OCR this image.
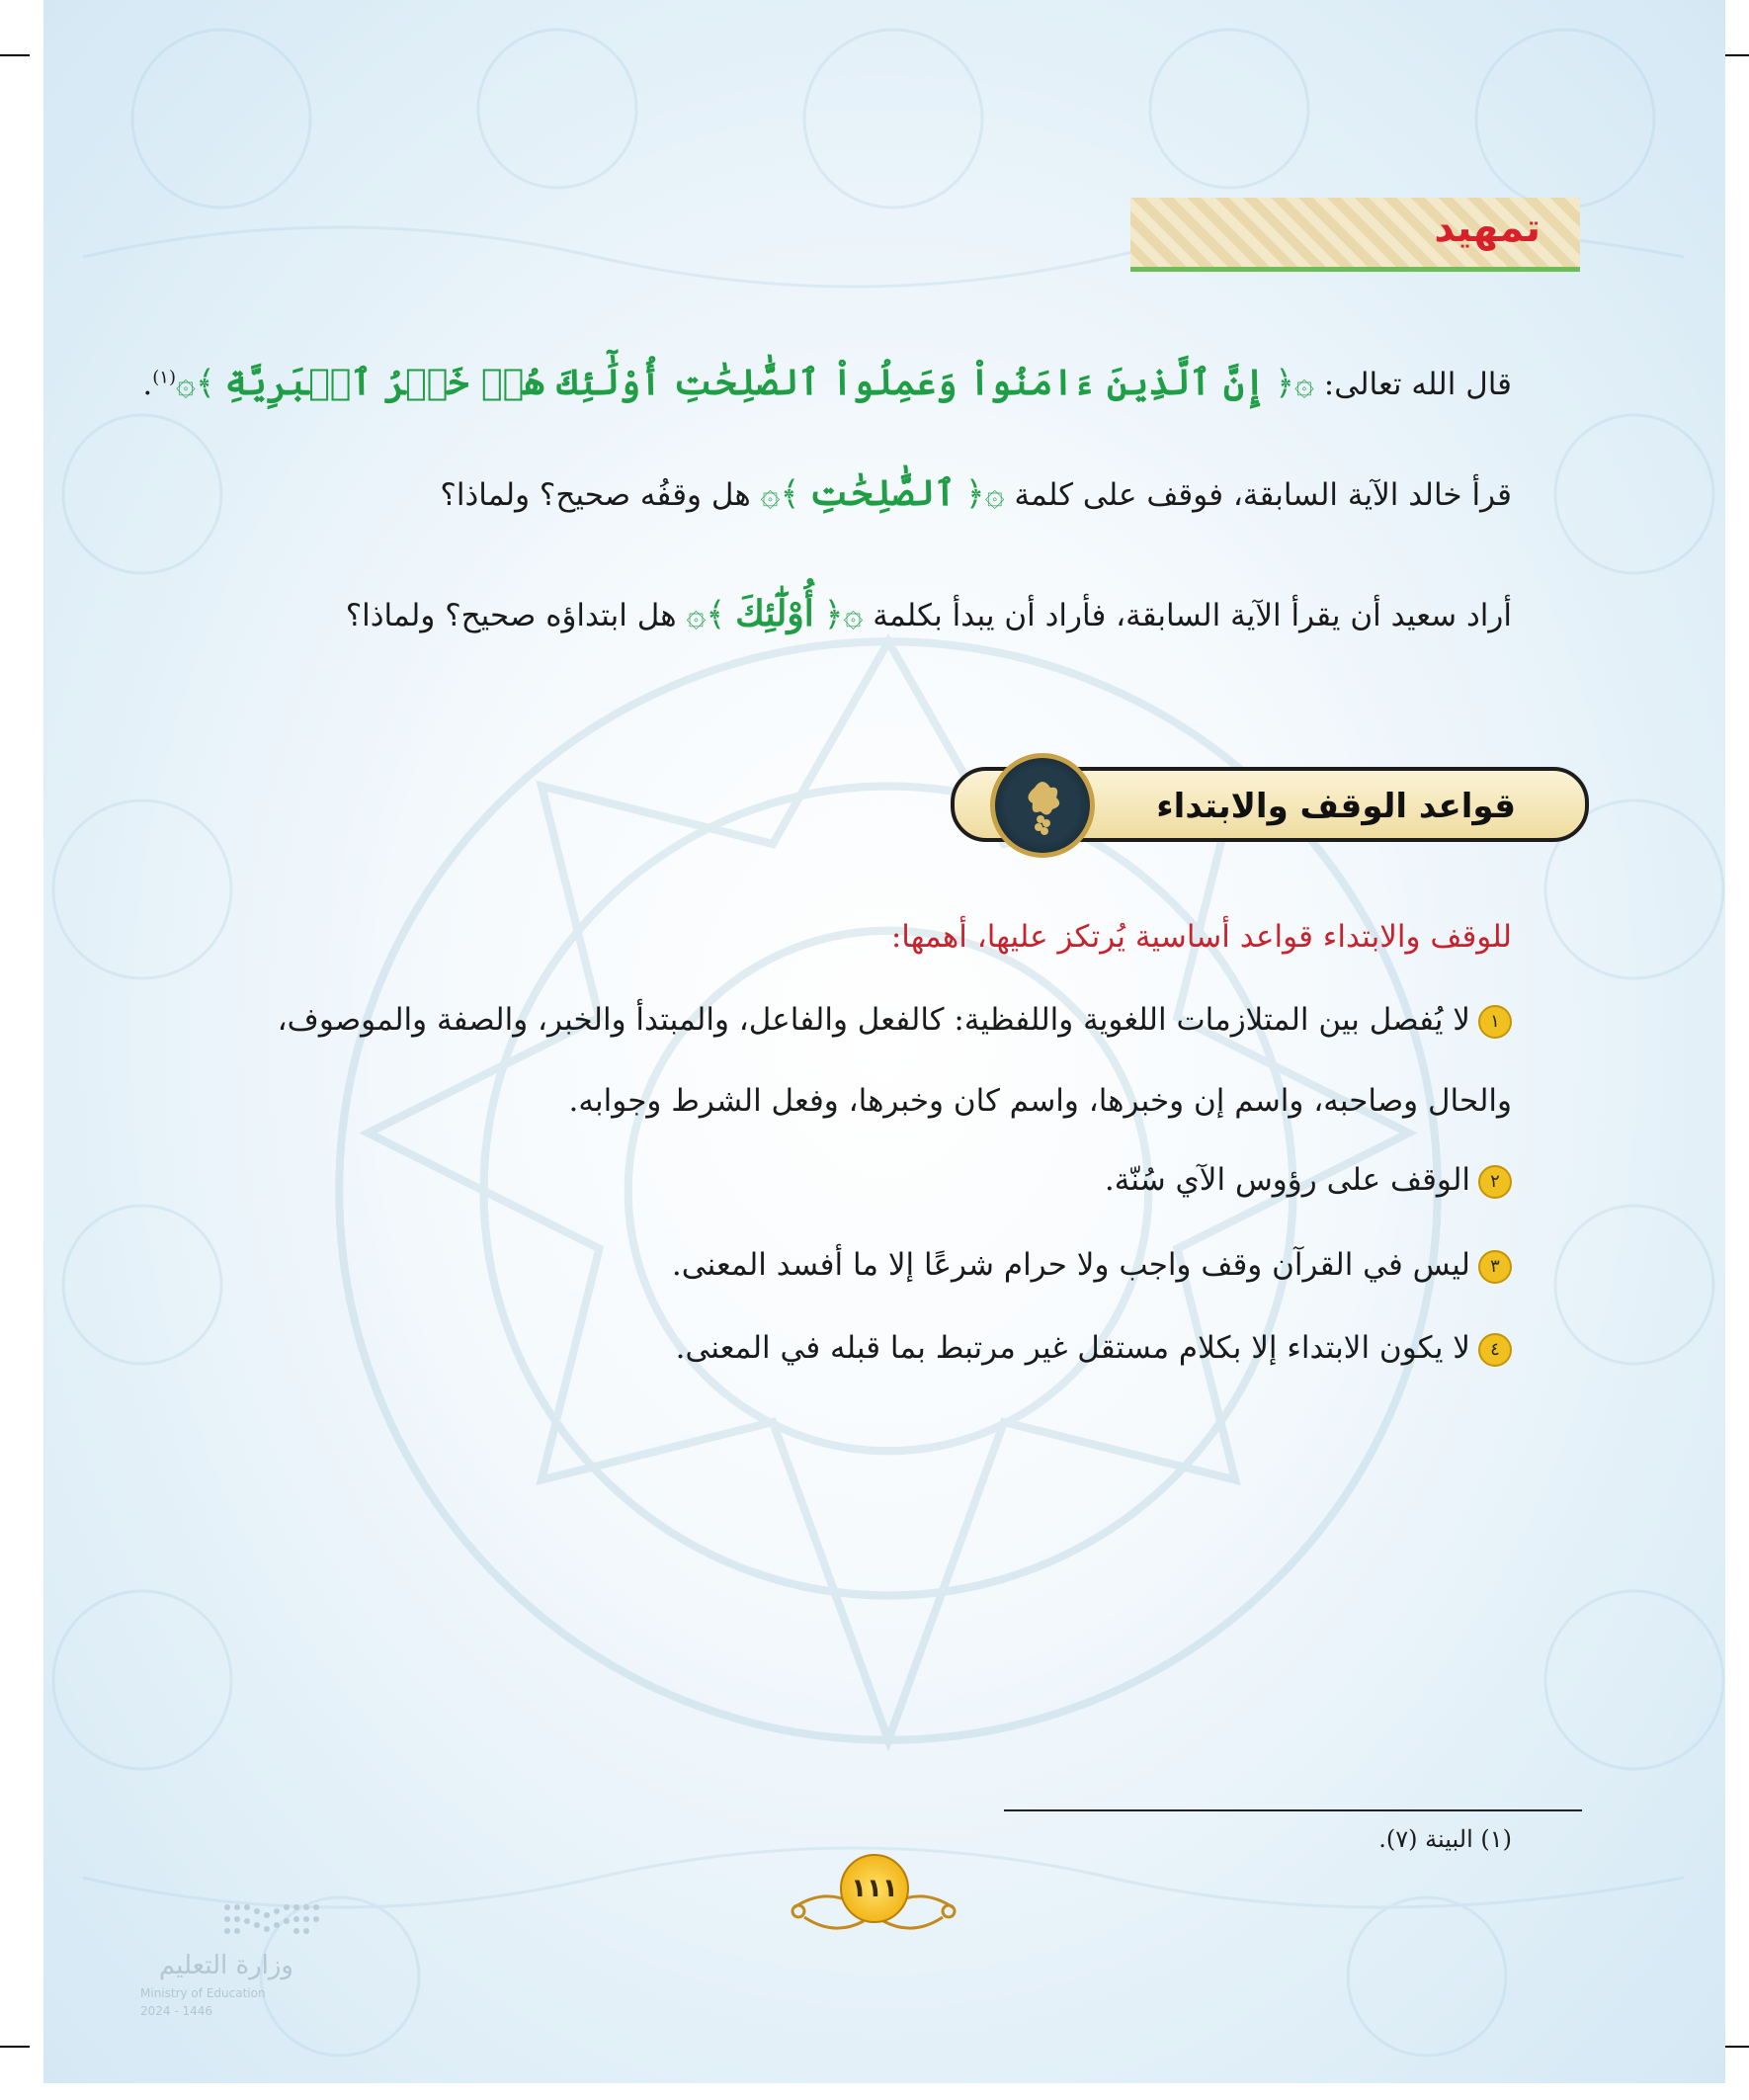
تمهيد

قال الله تعالى: ۞﴿ إِنَّ ٱلَّذِينَ ءَامَنُواْ وَعَمِلُواْ ٱلصَّٰلِحَٰتِ أُوْلَٰٓئِكَ هُمۡ خَيۡرُ ٱلۡبَرِيَّةِ ﴾۞$^{(١)}$.

قرأ خالد الآية السابقة، فوقف على كلمة ۞﴿ ٱلصَّٰلِحَٰتِ ﴾۞ هل وقفُه صحيح؟ ولماذا؟

أراد سعيد أن يقرأ الآية السابقة، فأراد أن يبدأ بكلمة ۞﴿ أُوْلَٰٓئِكَ ﴾۞ هل ابتداؤه صحيح؟ ولماذا؟

قواعد الوقف والابتداء

للوقف والابتداء قواعد أساسية يُرتكز عليها، أهمها:

١لا يُفصل بين المتلازمات اللغوية واللفظية: كالفعل والفاعل، والمبتدأ والخبر، والصفة والموصوف،

والحال وصاحبه، واسم إن وخبرها، واسم كان وخبرها، وفعل الشرط وجوابه.

٢الوقف على رؤوس الآي سُنّة.

٣ليس في القرآن وقف واجب ولا حرام شرعًا إلا ما أفسد المعنى.

٤لا يكون الابتداء إلا بكلام مستقل غير مرتبط بما قبله في المعنى.

(١) البينة (٧).

١١١

وزارة التعليم

Ministry of Education

2024 - 1446
